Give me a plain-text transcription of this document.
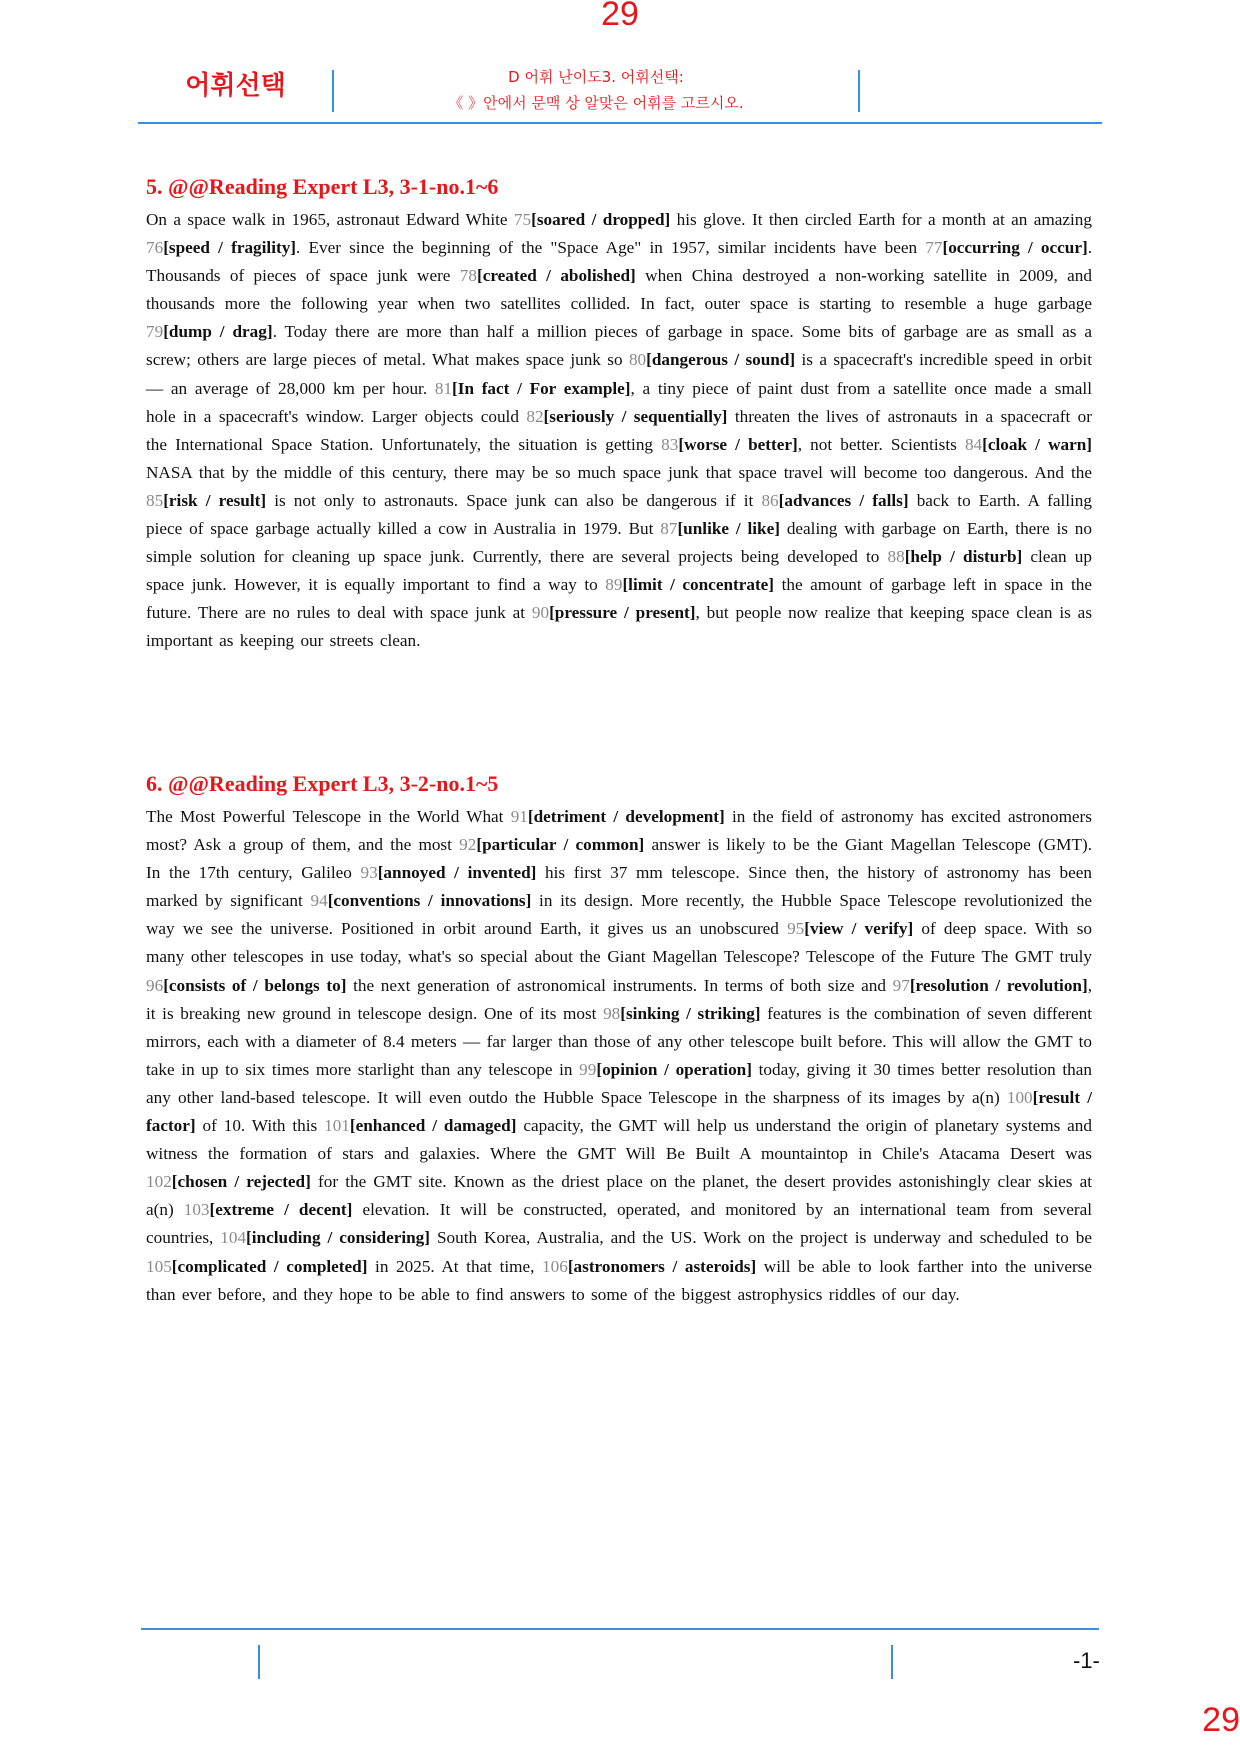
29
어휘선택	D 어휘 난이도3. 어휘선택:
《 》안에서 문맥 상 알맞은 어휘를 고르시오.
5. @@Reading Expert L3, 3-1-no.1~6

On a space walk in 1965, astronaut Edward White 75[soared / dropped] his glove. It then circled Earth for a month at an amazing 76[speed / fragility]. Ever since the beginning of the "Space Age" in 1957, similar incidents have been 77[occurring / occur]. Thousands of pieces of space junk were 78[created / abolished] when China destroyed a non-working satellite in 2009, and thousands more the following year when two satellites collided. In fact, outer space is starting to resemble a huge garbage 79[dump / drag]. Today there are more than half a million pieces of garbage in space. Some bits of garbage are as small as a screw; others are large pieces of metal. What makes space junk so 80[dangerous / sound] is a spacecraft's incredible speed in orbit — an average of 28,000 km per hour. 81[In fact / For example], a tiny piece of paint dust from a satellite once made a small hole in a spacecraft's window. Larger objects could 82[seriously / sequentially] threaten the lives of astronauts in a spacecraft or the International Space Station. Unfortunately, the situation is getting 83[worse / better], not better. Scientists 84[cloak / warn] NASA that by the middle of this century, there may be so much space junk that space travel will become too dangerous. And the 85[risk / result] is not only to astronauts. Space junk can also be dangerous if it 86[advances / falls] back to Earth. A falling piece of space garbage actually killed a cow in Australia in 1979. But 87[unlike / like] dealing with garbage on Earth, there is no simple solution for cleaning up space junk. Currently, there are several projects being developed to 88[help / disturb] clean up space junk. However, it is equally important to find a way to 89[limit / concentrate] the amount of garbage left in space in the future. There are no rules to deal with space junk at 90[pressure / present], but people now realize that keeping space clean is as important as keeping our streets clean.

6. @@Reading Expert L3, 3-2-no.1~5

The Most Powerful Telescope in the World What 91[detriment / development] in the field of astronomy has excited astronomers most? Ask a group of them, and the most 92[particular / common] answer is likely to be the Giant Magellan Telescope (GMT). In the 17th century, Galileo 93[annoyed / invented] his first 37 mm telescope. Since then, the history of astronomy has been marked by significant 94[conventions / innovations] in its design. More recently, the Hubble Space Telescope revolutionized the way we see the universe. Positioned in orbit around Earth, it gives us an unobscured 95[view / verify] of deep space. With so many other telescopes in use today, what's so special about the Giant Magellan Telescope? Telescope of the Future The GMT truly 96[consists of / belongs to] the next generation of astronomical instruments. In terms of both size and 97[resolution / revolution], it is breaking new ground in telescope design. One of its most 98[sinking / striking] features is the combination of seven different mirrors, each with a diameter of 8.4 meters — far larger than those of any other telescope built before. This will allow the GMT to take in up to six times more starlight than any telescope in 99[opinion / operation] today, giving it 30 times better resolution than any other land-based telescope. It will even outdo the Hubble Space Telescope in the sharpness of its images by a(n) 100[result / factor] of 10. With this 101[enhanced / damaged] capacity, the GMT will help us understand the origin of planetary systems and witness the formation of stars and galaxies. Where the GMT Will Be Built A mountaintop in Chile's Atacama Desert was 102[chosen / rejected] for the GMT site. Known as the driest place on the planet, the desert provides astonishingly clear skies at a(n) 103[extreme / decent] elevation. It will be constructed, operated, and monitored by an international team from several countries, 104[including / considering] South Korea, Australia, and the US. Work on the project is underway and scheduled to be 105[complicated / completed] in 2025. At that time, 106[astronomers / asteroids] will be able to look farther into the universe than ever before, and they hope to be able to find answers to some of the biggest astrophysics riddles of our day.

-1-
29
